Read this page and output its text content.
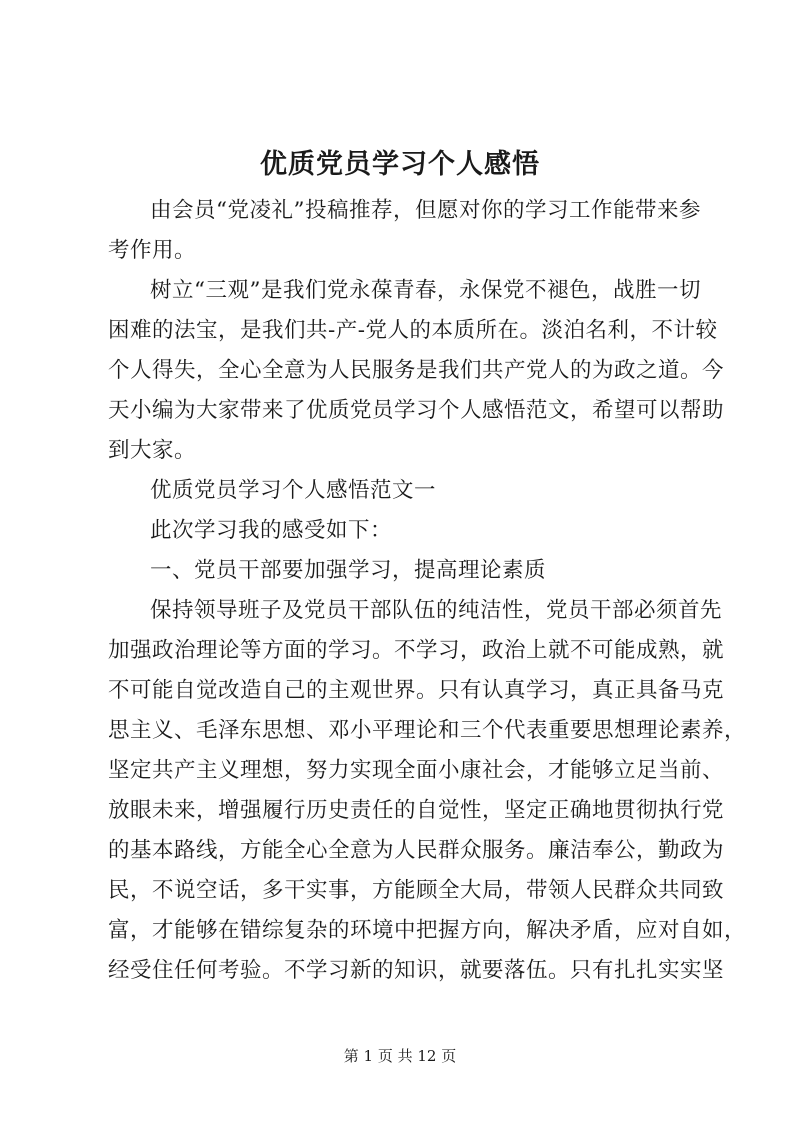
优质党员学习个人感悟
由会员“党凌礼”投稿推荐，但愿对你的学习工作能带来参
考作用。
树立“三观”是我们党永葆青春，永保党不褪色，战胜一切
困难的法宝，是我们共-产-党人的本质所在。淡泊名利，不计较
个人得失，全心全意为人民服务是我们共产党人的为政之道。今
天小编为大家带来了优质党员学习个人感悟范文，希望可以帮助
到大家。
优质党员学习个人感悟范文一
此次学习我的感受如下：
一、党员干部要加强学习，提高理论素质
保持领导班子及党员干部队伍的纯洁性，党员干部必须首先
加强政治理论等方面的学习。不学习，政治上就不可能成熟，就
不可能自觉改造自己的主观世界。只有认真学习，真正具备马克
思主义、毛泽东思想、邓小平理论和三个代表重要思想理论素养，
坚定共产主义理想，努力实现全面小康社会，才能够立足当前、
放眼未来，增强履行历史责任的自觉性，坚定正确地贯彻执行党
的基本路线，方能全心全意为人民群众服务。廉洁奉公，勤政为
民，不说空话，多干实事，方能顾全大局，带领人民群众共同致
富，才能够在错综复杂的环境中把握方向，解决矛盾，应对自如，
经受住任何考验。不学习新的知识，就要落伍。只有扎扎实实坚
第 1 页 共 12 页
